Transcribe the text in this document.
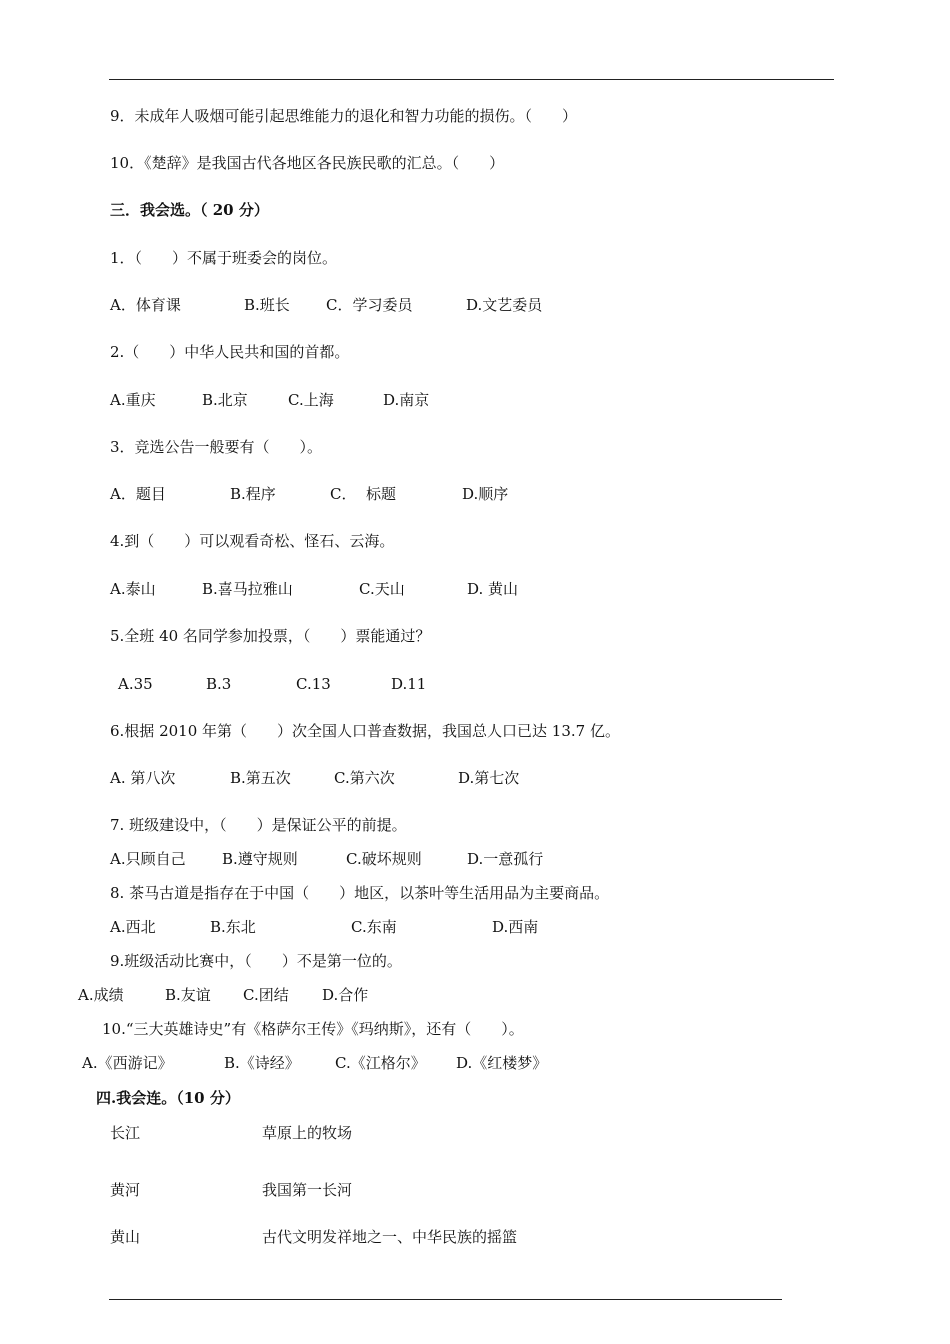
9．未成年人吸烟可能引起思维能力的退化和智力功能的损伤。（　　）
10．《楚辞》是我国古代各地区各民族民歌的汇总。（　　）
三．我会选。（ 20 分）
1．（　　）不属于班委会的岗位。
A．体育课	B.班长 C．学习委员	D.文艺委员
2.（　　）中华人民共和国的首都。
A.重庆	B.北京	C.上海	D.南京
3．竞选公告一般要有（　　）。
A．题目	B.程序	C．  标题	D.顺序
4.到（　　）可以观看奇松、怪石、云海。
A.泰山	B.喜马拉雅山	C.天山	D. 黄山
5.全班 40 名同学参加投票，（　　）票能通过？
A.35	B.3	C.13	D.11
6.根据 2010 年第（　　）次全国人口普查数据，我国总人口已达 13.7 亿。
A. 第八次	B.第五次	C.第六次	D.第七次
7. 班级建设中，（　　）是保证公平的前提。
A.只顾自己 B.遵守规则	C.破坏规则	D.一意孤行
8. 茶马古道是指存在于中国（　　）地区，以茶叶等生活用品为主要商品。
A.西北	B.东北	C.东南	D.西南
9.班级活动比赛中，（　　）不是第一位的。
A.成绩	B.友谊 C.团结 D.合作
10.“三大英雄诗史”有《格萨尔王传》《玛纳斯》，还有（　　）。
A.《西游记》	B.《诗经》 C.《江格尔》 D.《红楼梦》
四.我会连。（10 分）
长江	草原上的牧场
黄河	我国第一长河
黄山	古代文明发祥地之一、中华民族的摇篮
